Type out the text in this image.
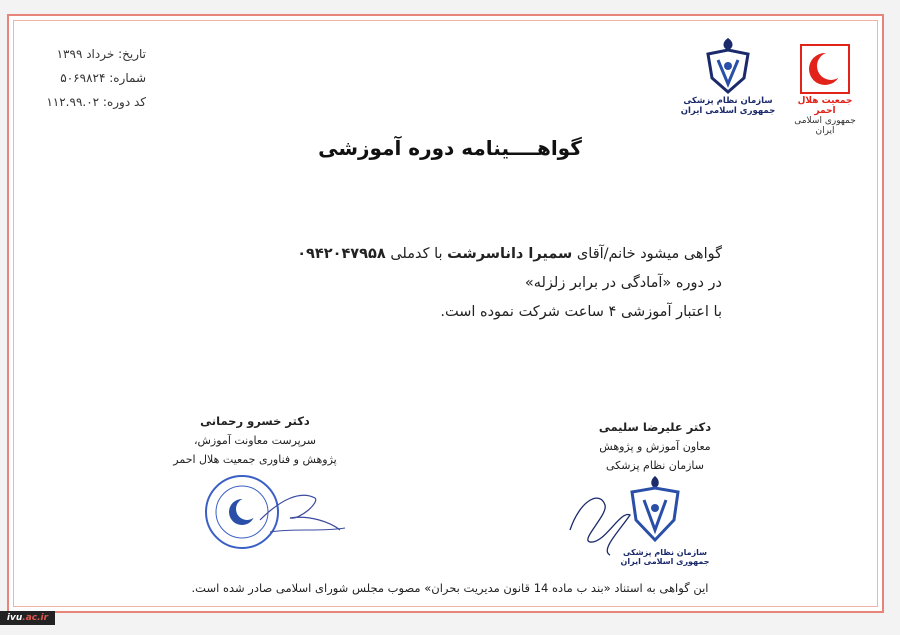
تاریخ: خرداد ۱۳۹۹
شماره: ۵۰۶۹۸۲۴
کد دوره: ۱۱۲.۹۹.۰۲	جمعیت هلال احمر
جمهوری اسلامی ایران
سازمان نظام پزشکی جمهوری اسلامی ایران
گواهــــینامه دوره آموزشی
گواهی میشود خانم/آقای سمیرا داناسرشت با کدملی ۰۹۴۲۰۴۷۹۵۸
در دوره «آمادگی در برابر زلزله»
با اعتبار آموزشی ۴ ساعت شرکت نموده است.
دکتر خسرو رحمانی
سرپرست معاونت آموزش،
پژوهش و فناوری جمعیت هلال احمر
دکتر علیرضا سلیمی
معاون آموزش و پژوهش
سازمان نظام پزشکی
سازمان نظام پزشکی جمهوری اسلامی ایران
این گواهی به استناد «بند ب ماده 14 قانون مدیریت بحران» مصوب مجلس شورای اسلامی صادر شده است.
ivu.ac.ir
